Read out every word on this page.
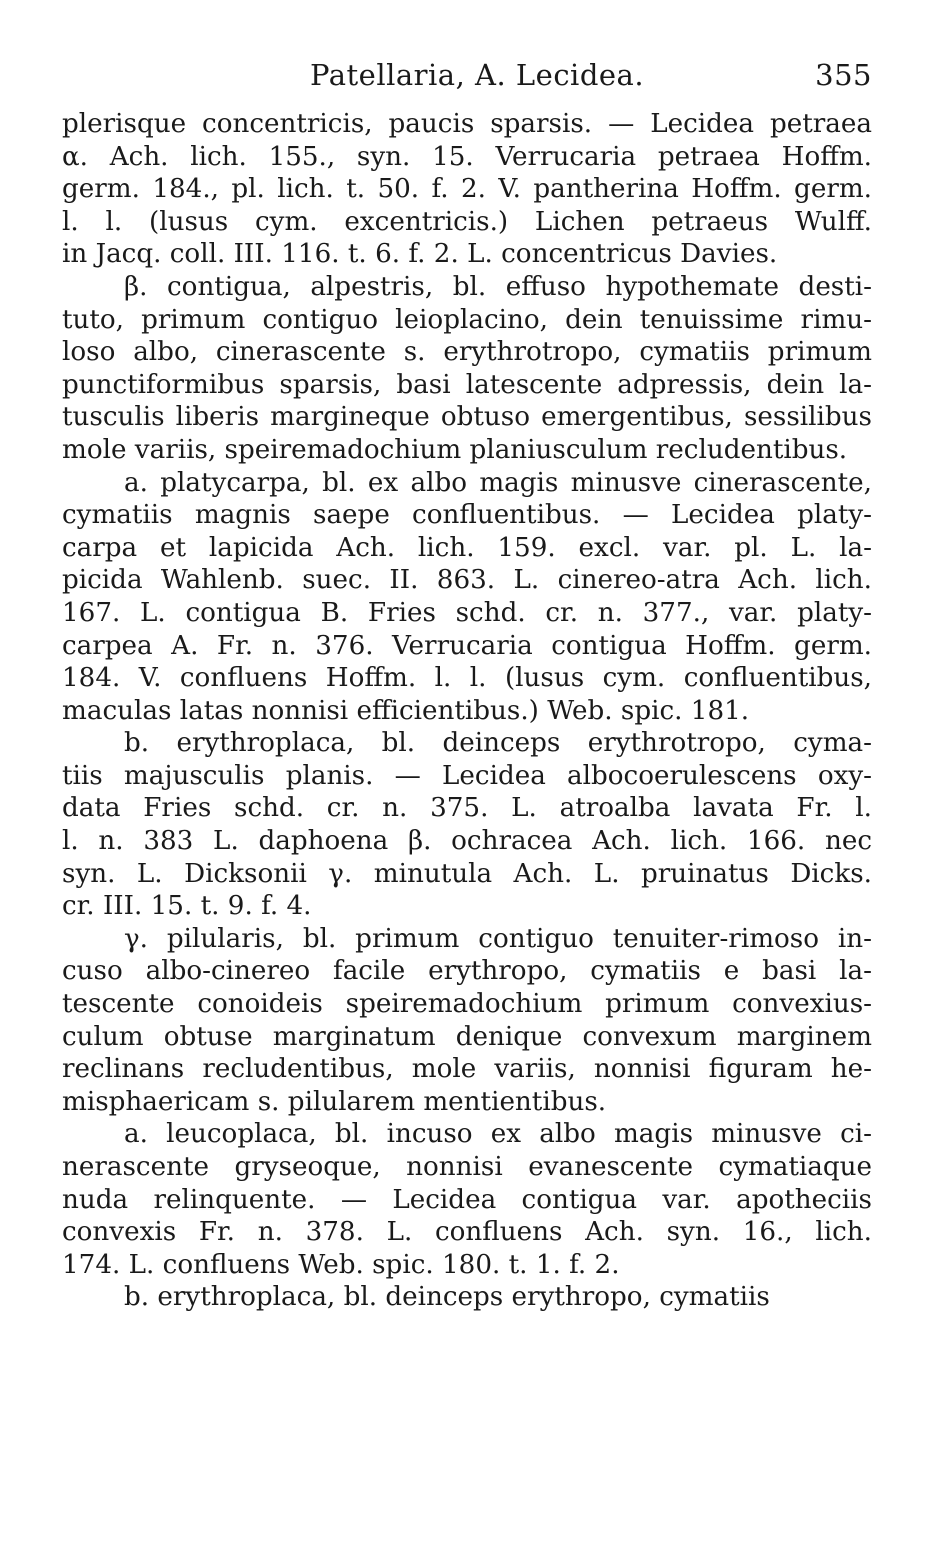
Patellaria, A. Lecidea.	355
plerisque concentricis, paucis sparsis. — Lecidea petraea
α. Ach. lich. 155., syn. 15. Verrucaria petraea Hoffm.
germ. 184., pl. lich. t. 50. f. 2. V. pantherina Hoffm. germ.
l. l. (lusus cym. excentricis.) Lichen petraeus Wulff.
in Jacq. coll. III. 116. t. 6. f. 2. L. concentricus Davies.
β. contigua, alpestris, bl. effuso hypothemate desti-
tuto, primum contiguo leioplacino, dein tenuissime rimu-
loso albo, cinerascente s. erythrotropo, cymatiis primum
punctiformibus sparsis, basi latescente adpressis, dein la-
tusculis liberis margineque obtuso emergentibus, sessilibus
mole variis, speiremadochium planiusculum recludentibus.
a. platycarpa, bl. ex albo magis minusve cinerascente,
cymatiis magnis saepe confluentibus. — Lecidea platy-
carpa et lapicida Ach. lich. 159. excl. var. pl. L. la-
picida Wahlenb. suec. II. 863. L. cinereo-atra Ach. lich.
167. L. contigua B. Fries schd. cr. n. 377., var. platy-
carpea A. Fr. n. 376. Verrucaria contigua Hoffm. germ.
184. V. confluens Hoffm. l. l. (lusus cym. confluentibus,
maculas latas nonnisi efficientibus.) Web. spic. 181.
b. erythroplaca, bl. deinceps erythrotropo, cyma-
tiis majusculis planis. — Lecidea albocoerulescens oxy-
data Fries schd. cr. n. 375. L. atroalba lavata Fr. l.
l. n. 383 L. daphoena β. ochracea Ach. lich. 166. nec
syn. L. Dicksonii γ. minutula Ach. L. pruinatus Dicks.
cr. III. 15. t. 9. f. 4.
γ. pilularis, bl. primum contiguo tenuiter-rimoso in-
cuso albo-cinereo facile erythropo, cymatiis e basi la-
tescente conoideis speiremadochium primum convexius-
culum obtuse marginatum denique convexum marginem
reclinans recludentibus, mole variis, nonnisi figuram he-
misphaericam s. pilularem mentientibus.
a. leucoplaca, bl. incuso ex albo magis minusve ci-
nerascente gryseoque, nonnisi evanescente cymatiaque
nuda relinquente. — Lecidea contigua var. apotheciis
convexis Fr. n. 378. L. confluens Ach. syn. 16., lich.
174. L. confluens Web. spic. 180. t. 1. f. 2.
b. erythroplaca, bl. deinceps erythropo, cymatiis
